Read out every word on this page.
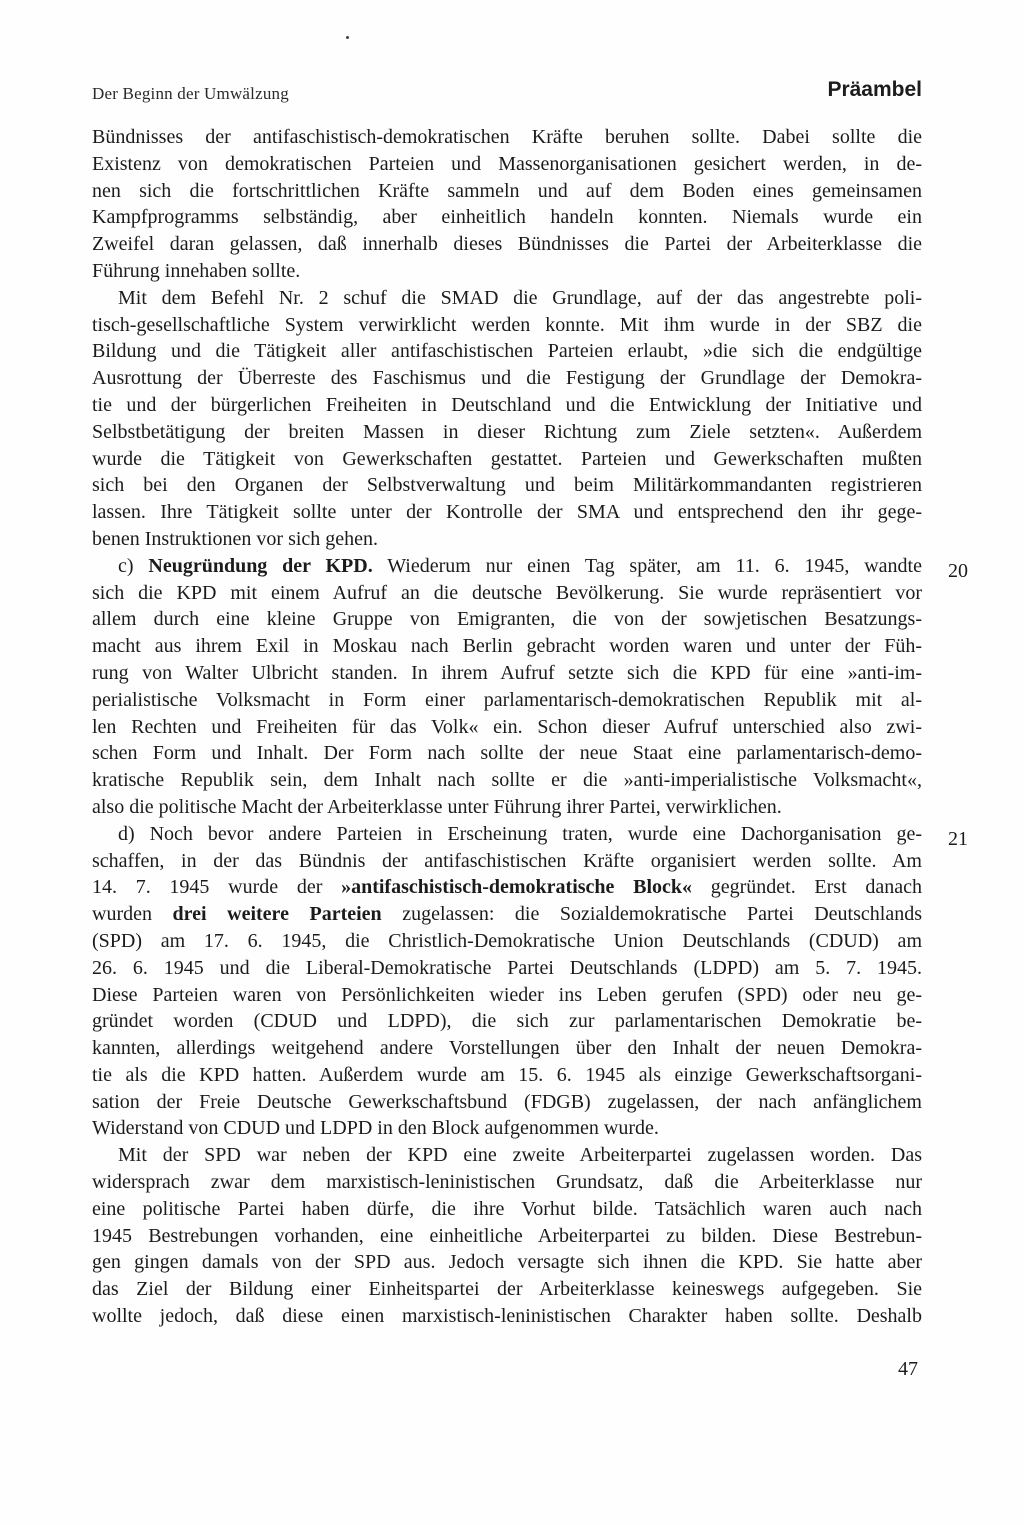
Der Beginn der Umwälzung	Präambel
Bündnisses der antifaschistisch-demokratischen Kräfte beruhen sollte. Dabei sollte die
Existenz von demokratischen Parteien und Massenorganisationen gesichert werden, in de-
nen sich die fortschrittlichen Kräfte sammeln und auf dem Boden eines gemeinsamen
Kampfprogramms selbständig, aber einheitlich handeln konnten. Niemals wurde ein
Zweifel daran gelassen, daß innerhalb dieses Bündnisses die Partei der Arbeiterklasse die
Führung innehaben sollte.
Mit dem Befehl Nr. 2 schuf die SMAD die Grundlage, auf der das angestrebte poli-
tisch-gesellschaftliche System verwirklicht werden konnte. Mit ihm wurde in der SBZ die
Bildung und die Tätigkeit aller antifaschistischen Parteien erlaubt, »die sich die endgültige
Ausrottung der Überreste des Faschismus und die Festigung der Grundlage der Demokra-
tie und der bürgerlichen Freiheiten in Deutschland und die Entwicklung der Initiative und
Selbstbetätigung der breiten Massen in dieser Richtung zum Ziele setzten«. Außerdem
wurde die Tätigkeit von Gewerkschaften gestattet. Parteien und Gewerkschaften mußten
sich bei den Organen der Selbstverwaltung und beim Militärkommandanten registrieren
lassen. Ihre Tätigkeit sollte unter der Kontrolle der SMA und entsprechend den ihr gege-
benen Instruktionen vor sich gehen.
c) Neugründung der KPD. Wiederum nur einen Tag später, am 11. 6. 1945, wandte
sich die KPD mit einem Aufruf an die deutsche Bevölkerung. Sie wurde repräsentiert vor
allem durch eine kleine Gruppe von Emigranten, die von der sowjetischen Besatzungs-
macht aus ihrem Exil in Moskau nach Berlin gebracht worden waren und unter der Füh-
rung von Walter Ulbricht standen. In ihrem Aufruf setzte sich die KPD für eine »anti-im-
perialistische Volksmacht in Form einer parlamentarisch-demokratischen Republik mit al-
len Rechten und Freiheiten für das Volk« ein. Schon dieser Aufruf unterschied also zwi-
schen Form und Inhalt. Der Form nach sollte der neue Staat eine parlamentarisch-demo-
kratische Republik sein, dem Inhalt nach sollte er die »anti-imperialistische Volksmacht«,
also die politische Macht der Arbeiterklasse unter Führung ihrer Partei, verwirklichen.
d) Noch bevor andere Parteien in Erscheinung traten, wurde eine Dachorganisation ge-
schaffen, in der das Bündnis der antifaschistischen Kräfte organisiert werden sollte. Am
14. 7. 1945 wurde der »antifaschistisch-demokratische Block« gegründet. Erst danach
wurden drei weitere Parteien zugelassen: die Sozialdemokratische Partei Deutschlands
(SPD) am 17. 6. 1945, die Christlich-Demokratische Union Deutschlands (CDUD) am
26. 6. 1945 und die Liberal-Demokratische Partei Deutschlands (LDPD) am 5. 7. 1945.
Diese Parteien waren von Persönlichkeiten wieder ins Leben gerufen (SPD) oder neu ge-
gründet worden (CDUD und LDPD), die sich zur parlamentarischen Demokratie be-
kannten, allerdings weitgehend andere Vorstellungen über den Inhalt der neuen Demokra-
tie als die KPD hatten. Außerdem wurde am 15. 6. 1945 als einzige Gewerkschaftsorgani-
sation der Freie Deutsche Gewerkschaftsbund (FDGB) zugelassen, der nach anfänglichem
Widerstand von CDUD und LDPD in den Block aufgenommen wurde.
Mit der SPD war neben der KPD eine zweite Arbeiterpartei zugelassen worden. Das
widersprach zwar dem marxistisch-leninistischen Grundsatz, daß die Arbeiterklasse nur
eine politische Partei haben dürfe, die ihre Vorhut bilde. Tatsächlich waren auch nach
1945 Bestrebungen vorhanden, eine einheitliche Arbeiterpartei zu bilden. Diese Bestrebun-
gen gingen damals von der SPD aus. Jedoch versagte sich ihnen die KPD. Sie hatte aber
das Ziel der Bildung einer Einheitspartei der Arbeiterklasse keineswegs aufgegeben. Sie
wollte jedoch, daß diese einen marxistisch-leninistischen Charakter haben sollte. Deshalb
20
21
47
